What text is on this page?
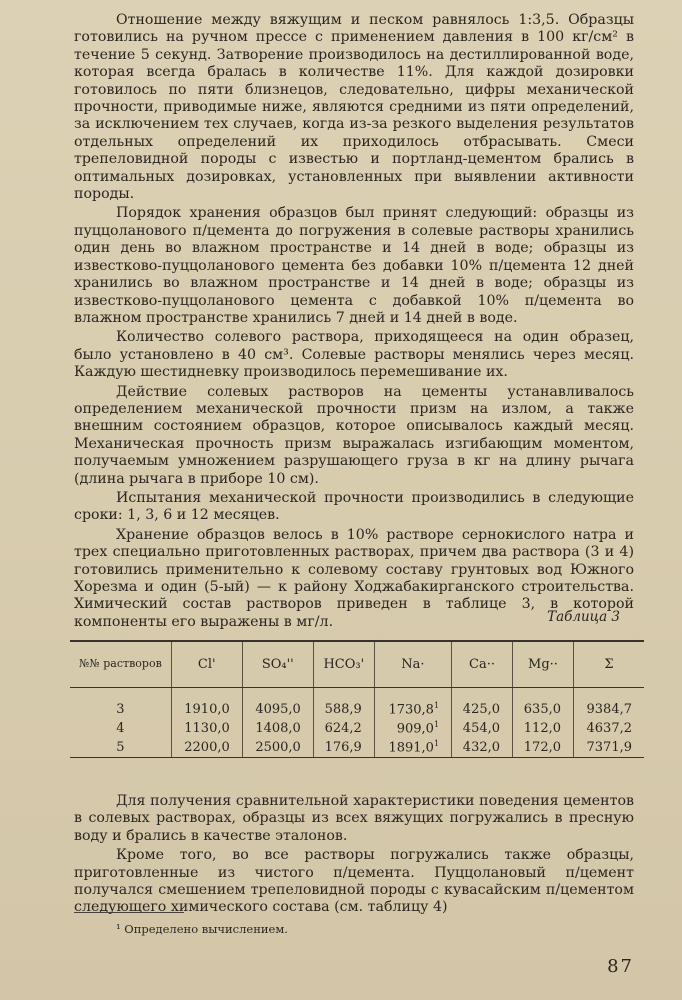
Отношение между вяжущим и песком равнялось 1:3,5. Образцы готовились на ручном прессе с применением давления в 100 кг/см² в течение 5 секунд. Затворение производилось на дестиллированной воде, которая всегда бралась в количестве 11%. Для каждой дозировки готовилось по пяти близнецов, следовательно, цифры механической прочности, приводимые ниже, являются средними из пяти определений, за исключением тех случаев, когда из-за резкого выделения результатов отдельных определений их приходилось отбрасывать. Смеси трепеловидной породы с известью и портланд-цементом брались в оптимальных дозировках, установленных при выявлении активности породы.

Порядок хранения образцов был принят следующий: образцы из пуццоланового п/цемента до погружения в солевые растворы хранились один день во влажном пространстве и 14 дней в воде; образцы из известково-пуццоланового цемента без добавки 10% п/цемента 12 дней хранились во влажном пространстве и 14 дней в воде; образцы из известково-пуццоланового цемента с добавкой 10% п/цемента во влажном пространстве хранились 7 дней и 14 дней в воде.

Количество солевого раствора, приходящееся на один образец, было установлено в 40 см³. Солевые растворы менялись через месяц. Каждую шестидневку производилось перемешивание их.

Действие солевых растворов на цементы устанавливалось определением механической прочности призм на излом, а также внешним состоянием образцов, которое описывалось каждый месяц. Механическая прочность призм выражалась изгибающим моментом, получаемым умножением разрушающего груза в кг на длину рычага (длина рычага в приборе 10 см).

Испытания механической прочности производились в следующие сроки: 1, 3, 6 и 12 месяцев.

Хранение образцов велось в 10% растворе сернокислого натра и трех специально приготовленных растворах, причем два раствора (3 и 4) готовились применительно к солевому составу грунтовых вод Южного Хорезма и один (5-ый) — к району Ходжабакирганского строительства. Химический состав растворов приведен в таблице 3, в которой компоненты его выражены в мг/л.	Таблица 3
№№ растворов	Cl'	SO₄''	HCO₃'	Na·	Ca··	Mg··	Σ

3	1910,0	4095,0	588,9	1730,8$^1$	425,0	635,0	9384,7
4	1130,0	1408,0	624,2	909,0$^1$	454,0	112,0	4637,2
5	2200,0	2500,0	176,9	1891,0$^1$	432,0	172,0	7371,9

Для получения сравнительной характеристики поведения цементов в солевых растворах, образцы из всех вяжущих погружались в пресную воду и брались в качестве эталонов.

Кроме того, во все растворы погружались также образцы, приготовленные из чистого п/цемента. Пуццолановый п/цемент получался смешением трепеловидной породы с кувасайским п/цементом следующего химического состава (см. таблицу 4)

¹ Определено вычислением.
87
